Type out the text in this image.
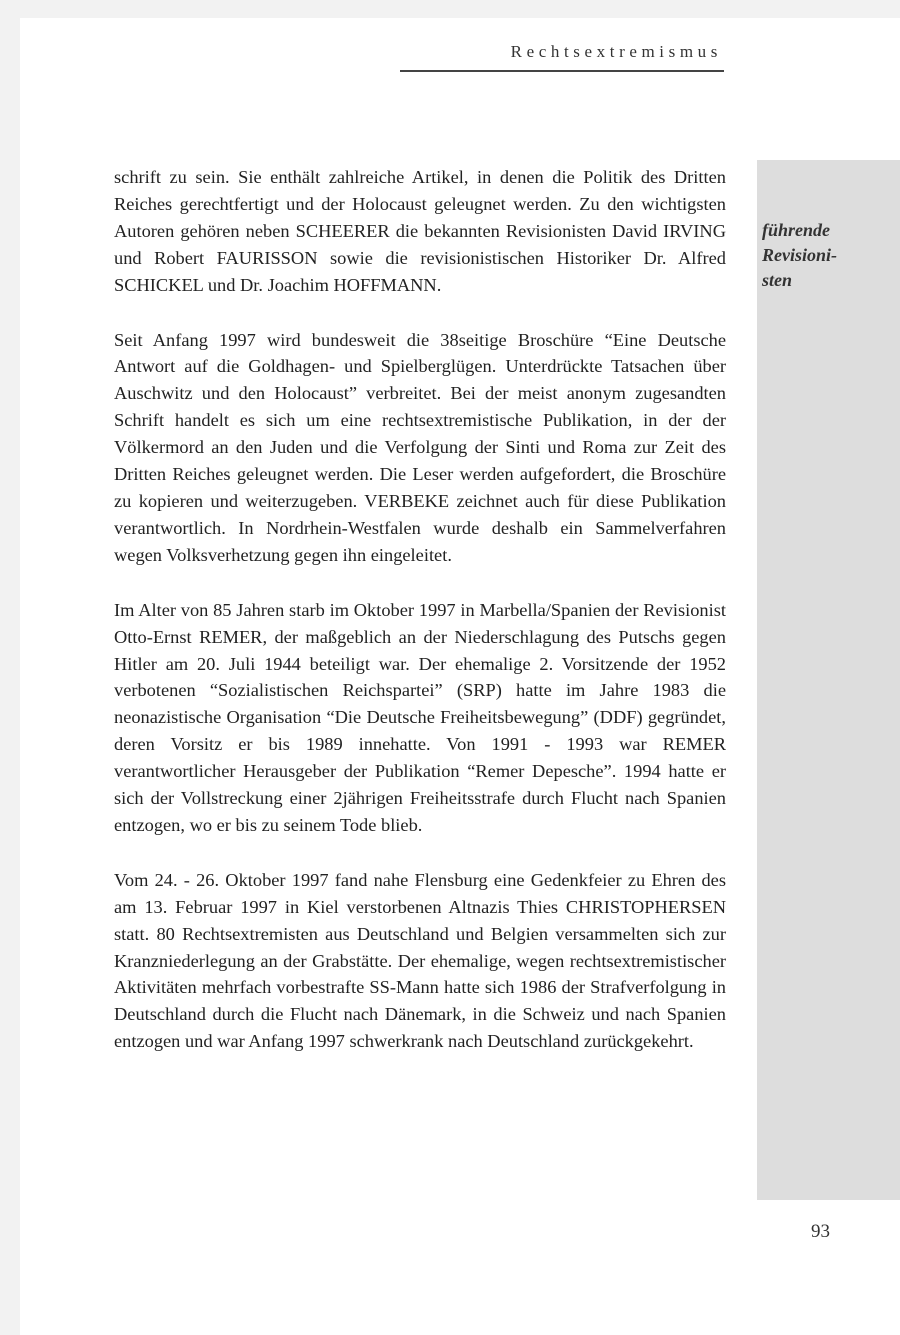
Rechtsextremismus

schrift zu sein. Sie enthält zahlreiche Artikel, in denen die Politik des Dritten Reiches gerechtfertigt und der Holocaust geleugnet werden. Zu den wichtigsten Autoren gehören neben SCHEERER die bekannten Revisionisten David IRVING und Robert FAURISSON sowie die revisionistischen Historiker Dr. Alfred SCHICKEL und Dr. Joachim HOFFMANN.

Seit Anfang 1997 wird bundesweit die 38seitige Broschüre “Eine Deutsche Antwort auf die Goldhagen- und Spielberglügen. Unterdrückte Tatsachen über Auschwitz und den Holocaust” verbreitet. Bei der meist anonym zugesandten Schrift handelt es sich um eine rechtsextremistische Publikation, in der der Völkermord an den Juden und die Verfolgung der Sinti und Roma zur Zeit des Dritten Reiches geleugnet werden. Die Leser werden aufgefordert, die Broschüre zu kopieren und weiterzugeben. VERBEKE zeichnet auch für diese Publikation verantwortlich. In Nordrhein-Westfalen wurde deshalb ein Sammelverfahren wegen Volksverhetzung gegen ihn eingeleitet.

Im Alter von 85 Jahren starb im Oktober 1997 in Marbella/Spanien der Revisionist Otto-Ernst REMER, der maßgeblich an der Niederschlagung des Putschs gegen Hitler am 20. Juli 1944 beteiligt war. Der ehemalige 2. Vorsitzende der 1952 verbotenen “Sozialistischen Reichspartei” (SRP) hatte im Jahre 1983 die neonazistische Organisation “Die Deutsche Freiheitsbewegung” (DDF) gegründet, deren Vorsitz er bis 1989 innehatte. Von 1991 - 1993 war REMER verantwortlicher Herausgeber der Publikation “Remer Depesche”. 1994 hatte er sich der Vollstreckung einer 2jährigen Freiheitsstrafe durch Flucht nach Spanien entzogen, wo er bis zu seinem Tode blieb.

Vom 24. - 26. Oktober 1997 fand nahe Flensburg eine Gedenkfeier zu Ehren des am 13. Februar 1997 in Kiel verstorbenen Altnazis Thies CHRISTOPHERSEN statt. 80 Rechtsextremisten aus Deutschland und Belgien versammelten sich zur Kranzniederlegung an der Grabstätte. Der ehemalige, wegen rechtsextremistischer Aktivitäten mehrfach vorbestrafte SS-Mann hatte sich 1986 der Strafverfolgung in Deutschland durch die Flucht nach Dänemark, in die Schweiz und nach Spanien entzogen und war Anfang 1997 schwerkrank nach Deutschland zurückgekehrt.

führende
Revisioni-
sten
93
